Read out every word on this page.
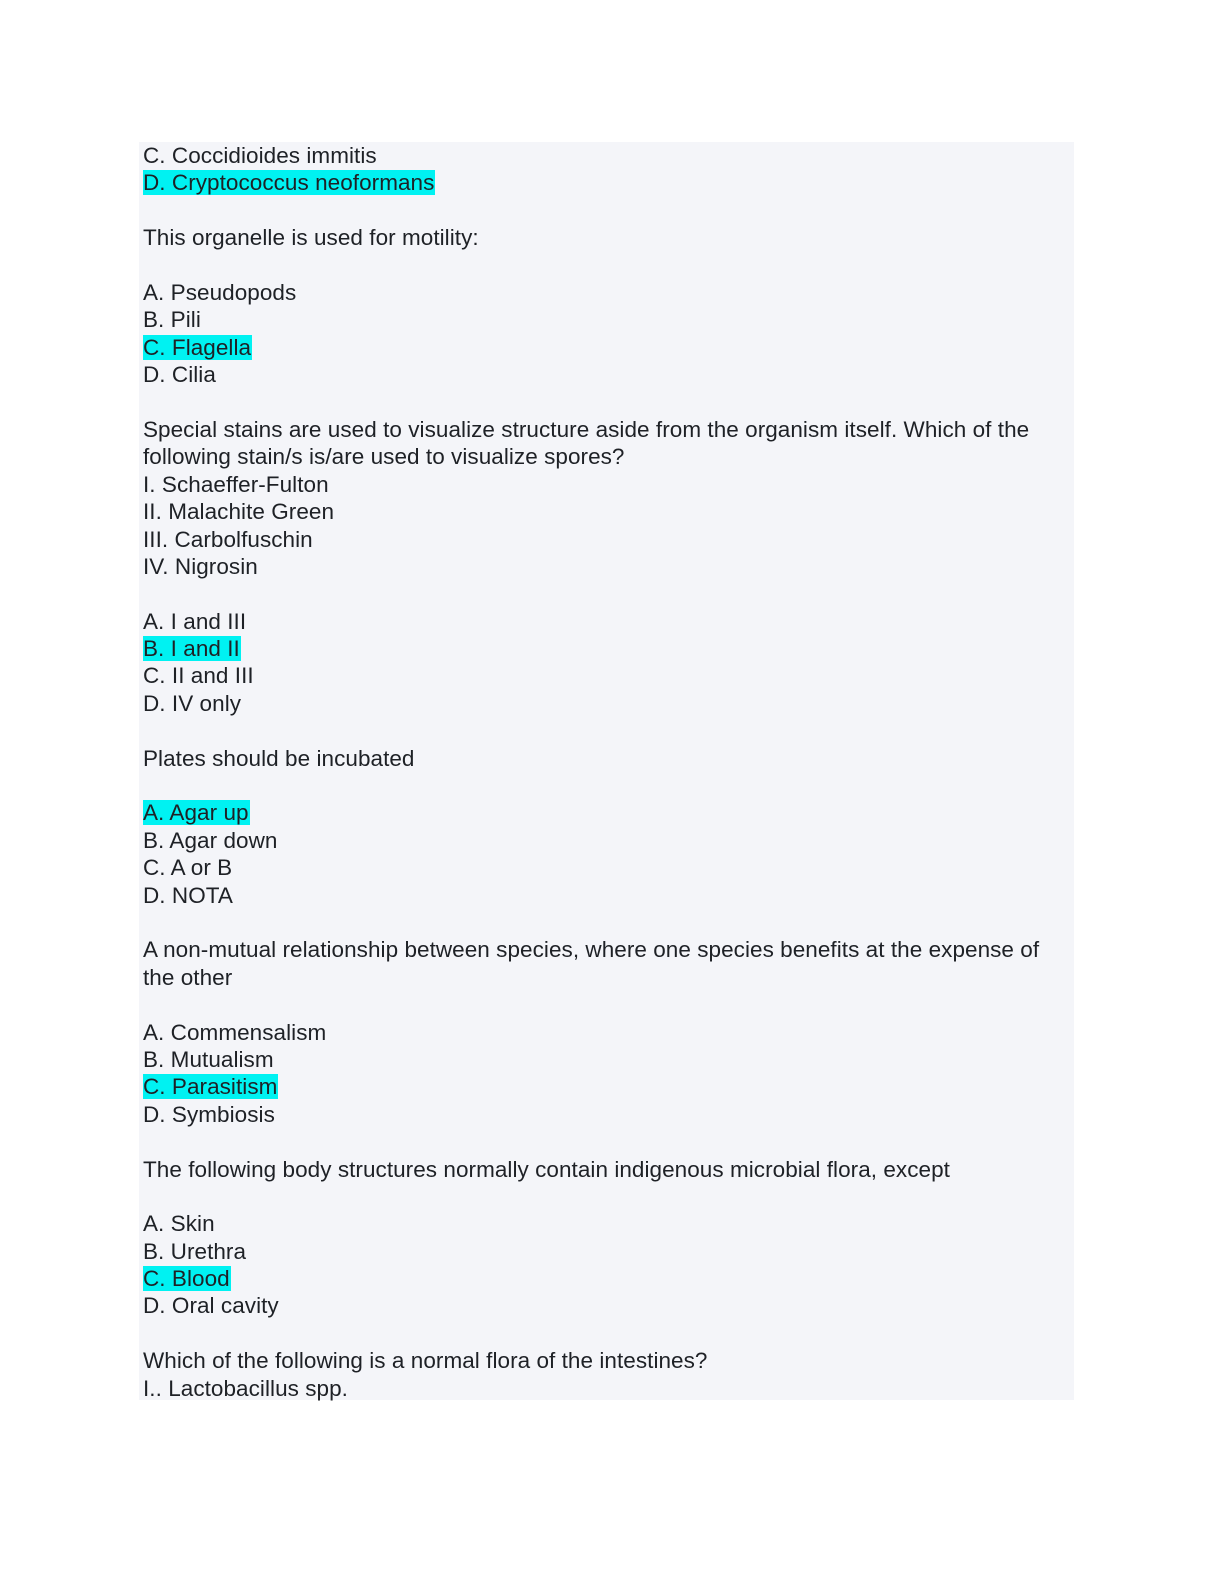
C. Coccidioides immitis
D. Cryptococcus neoformans
This organelle is used for motility:
A. Pseudopods
B. Pili
C. Flagella
D. Cilia
Special stains are used to visualize structure aside from the organism itself. Which of the following stain/s is/are used to visualize spores?
I. Schaeffer-Fulton
II. Malachite Green
III. Carbolfuschin
IV. Nigrosin
A. I and III
B. I and II
C. II and III
D. IV only
Plates should be incubated
A. Agar up
B. Agar down
C. A or B
D. NOTA
A non-mutual relationship between species, where one species benefits at the expense of the other
A. Commensalism
B. Mutualism
C. Parasitism
D. Symbiosis
The following body structures normally contain indigenous microbial flora, except
A. Skin
B. Urethra
C. Blood
D. Oral cavity
Which of the following is a normal flora of the intestines?
I.. Lactobacillus spp.
